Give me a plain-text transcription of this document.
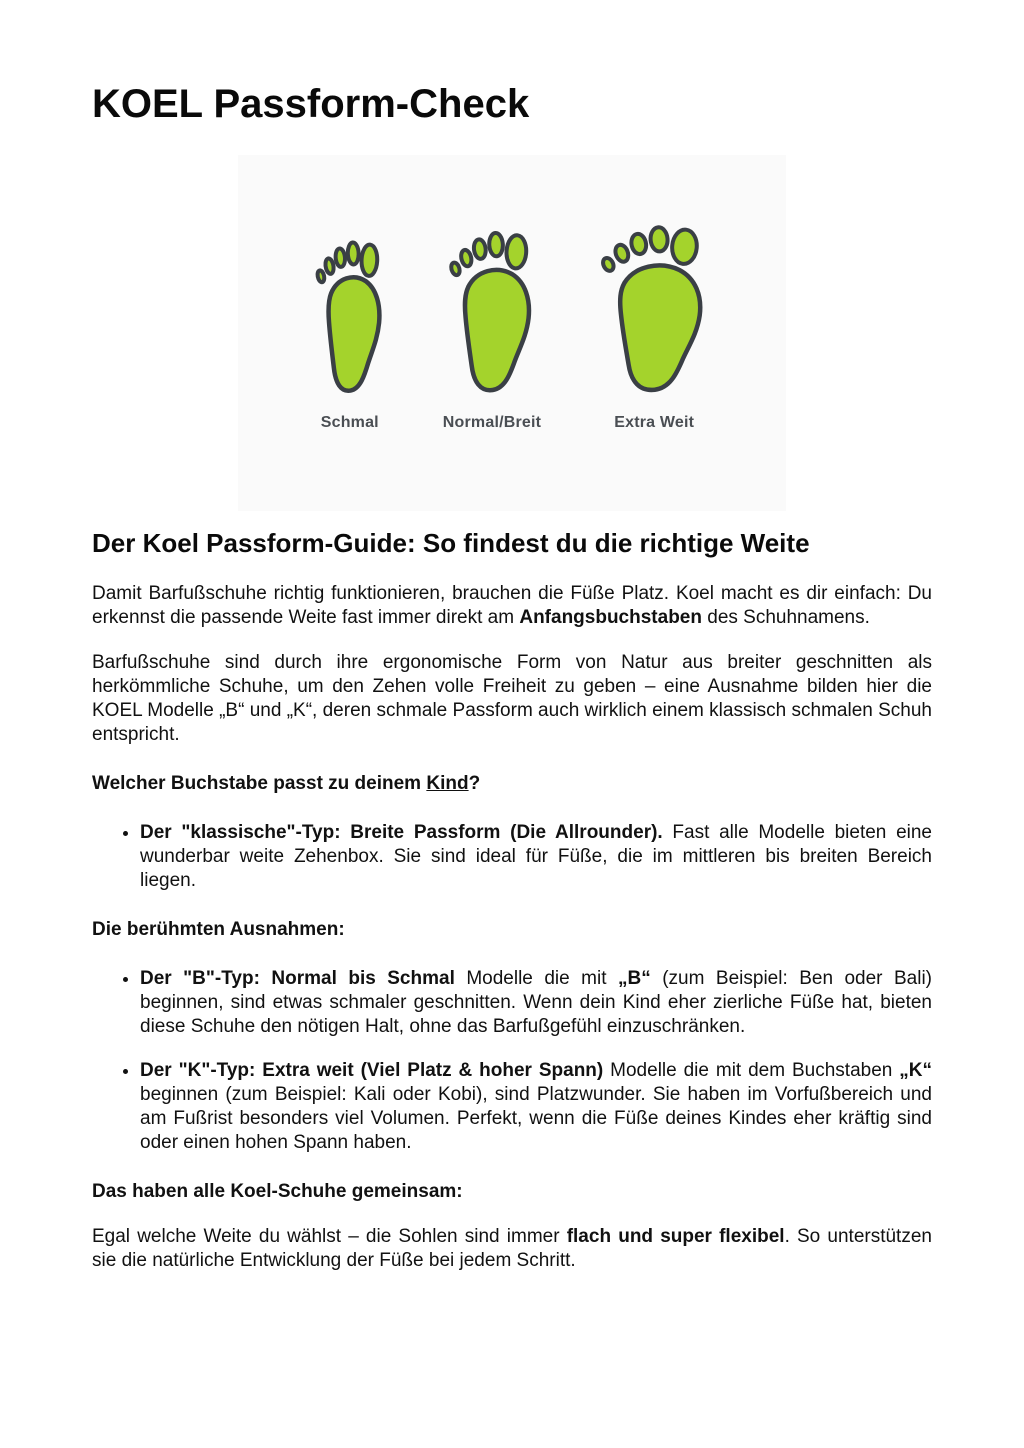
KOEL Passform-Check
Schmal	Normal/Breit	Extra Weit
Der Koel Passform-Guide: So findest du die richtige Weite

Damit Barfußschuhe richtig funktionieren, brauchen die Füße Platz. Koel macht es dir einfach: Du erkennst die passende Weite fast immer direkt am Anfangsbuchstaben des Schuhnamens.

Barfußschuhe sind durch ihre ergonomische Form von Natur aus breiter geschnitten als herkömmliche Schuhe, um den Zehen volle Freiheit zu geben – eine Ausnahme bilden hier die KOEL Modelle „B“ und „K“, deren schmale Passform auch wirklich einem klassisch schmalen Schuh entspricht.

Welcher Buchstabe passt zu deinem Kind?
• Der "klassische"-Typ: Breite Passform (Die Allrounder). Fast alle Modelle bieten eine wunderbar weite Zehenbox. Sie sind ideal für Füße, die im mittleren bis breiten Bereich liegen.
Die berühmten Ausnahmen:
• Der "B"-Typ: Normal bis Schmal Modelle die mit „B“ (zum Beispiel: Ben oder Bali) beginnen, sind etwas schmaler geschnitten. Wenn dein Kind eher zierliche Füße hat, bieten diese Schuhe den nötigen Halt, ohne das Barfußgefühl einzuschränken.
• Der "K"-Typ: Extra weit (Viel Platz & hoher Spann) Modelle die mit dem Buchstaben „K“ beginnen (zum Beispiel: Kali oder Kobi), sind Platzwunder. Sie haben im Vorfußbereich und am Fußrist besonders viel Volumen. Perfekt, wenn die Füße deines Kindes eher kräftig sind oder einen hohen Spann haben.
Das haben alle Koel-Schuhe gemeinsam:

Egal welche Weite du wählst – die Sohlen sind immer flach und super flexibel. So unterstützen sie die natürliche Entwicklung der Füße bei jedem Schritt.
